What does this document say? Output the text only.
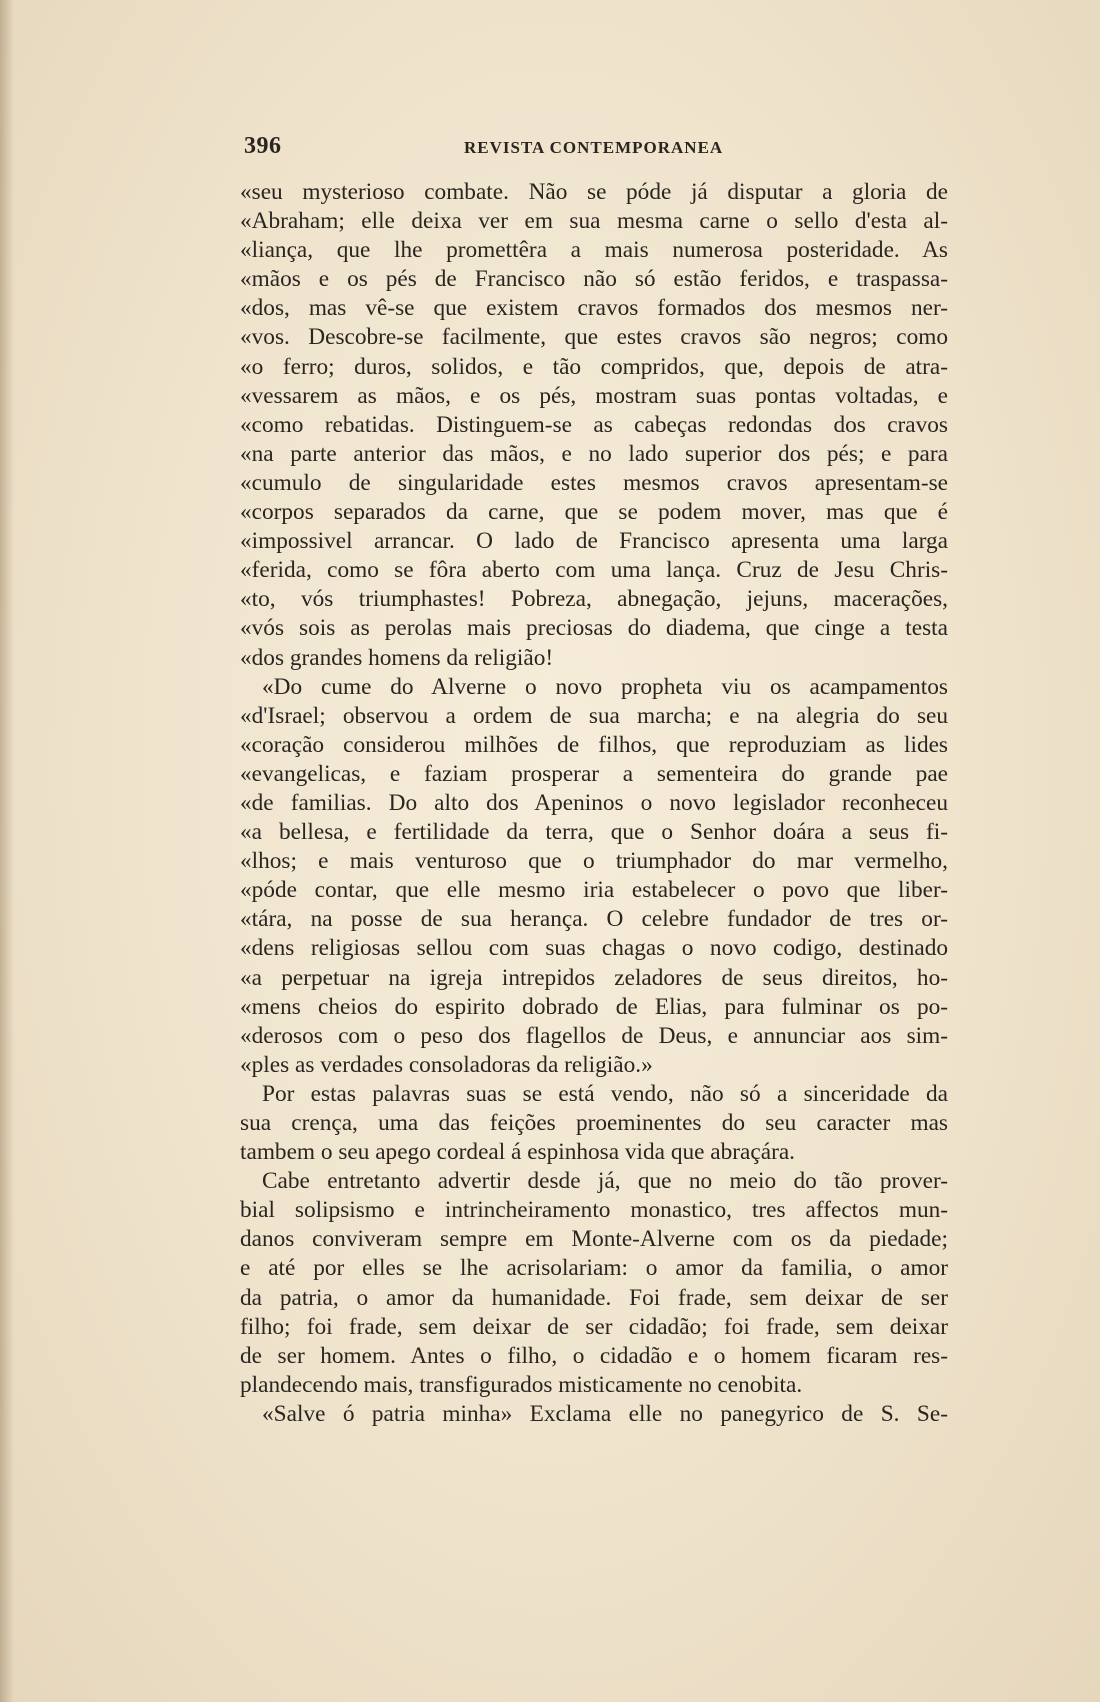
396	REVISTA CONTEMPORANEA
«seu mysterioso combate. Não se póde já disputar a gloria de
«Abraham; elle deixa ver em sua mesma carne o sello d'esta al-
«liança, que lhe promettêra a mais numerosa posteridade. As
«mãos e os pés de Francisco não só estão feridos, e traspassa-
«dos, mas vê-se que existem cravos formados dos mesmos ner-
«vos. Descobre-se facilmente, que estes cravos são negros; como
«o ferro; duros, solidos, e tão compridos, que, depois de atra-
«vessarem as mãos, e os pés, mostram suas pontas voltadas, e
«como rebatidas. Distinguem-se as cabeças redondas dos cravos
«na parte anterior das mãos, e no lado superior dos pés; e para
«cumulo de singularidade estes mesmos cravos apresentam-se
«corpos separados da carne, que se podem mover, mas que é
«impossivel arrancar. O lado de Francisco apresenta uma larga
«ferida, como se fôra aberto com uma lança. Cruz de Jesu Chris-
«to, vós triumphastes! Pobreza, abnegação, jejuns, macerações,
«vós sois as perolas mais preciosas do diadema, que cinge a testa
«dos grandes homens da religião!
«Do cume do Alverne o novo propheta viu os acampamentos
«d'Israel; observou a ordem de sua marcha; e na alegria do seu
«coração considerou milhões de filhos, que reproduziam as lides
«evangelicas, e faziam prosperar a sementeira do grande pae
«de familias. Do alto dos Apeninos o novo legislador reconheceu
«a bellesa, e fertilidade da terra, que o Senhor doára a seus fi-
«lhos; e mais venturoso que o triumphador do mar vermelho,
«póde contar, que elle mesmo iria estabelecer o povo que liber-
«tára, na posse de sua herança. O celebre fundador de tres or-
«dens religiosas sellou com suas chagas o novo codigo, destinado
«a perpetuar na igreja intrepidos zeladores de seus direitos, ho-
«mens cheios do espirito dobrado de Elias, para fulminar os po-
«derosos com o peso dos flagellos de Deus, e annunciar aos sim-
«ples as verdades consoladoras da religião.»
Por estas palavras suas se está vendo, não só a sinceridade da
sua crença, uma das feições proeminentes do seu caracter mas
tambem o seu apego cordeal á espinhosa vida que abraçára.
Cabe entretanto advertir desde já, que no meio do tão prover-
bial solipsismo e intrincheiramento monastico, tres affectos mun-
danos conviveram sempre em Monte-Alverne com os da piedade;
e até por elles se lhe acrisolariam: o amor da familia, o amor
da patria, o amor da humanidade. Foi frade, sem deixar de ser
filho; foi frade, sem deixar de ser cidadão; foi frade, sem deixar
de ser homem. Antes o filho, o cidadão e o homem ficaram res-
plandecendo mais, transfigurados misticamente no cenobita.
«Salve ó patria minha» Exclama elle no panegyrico de S. Se-
